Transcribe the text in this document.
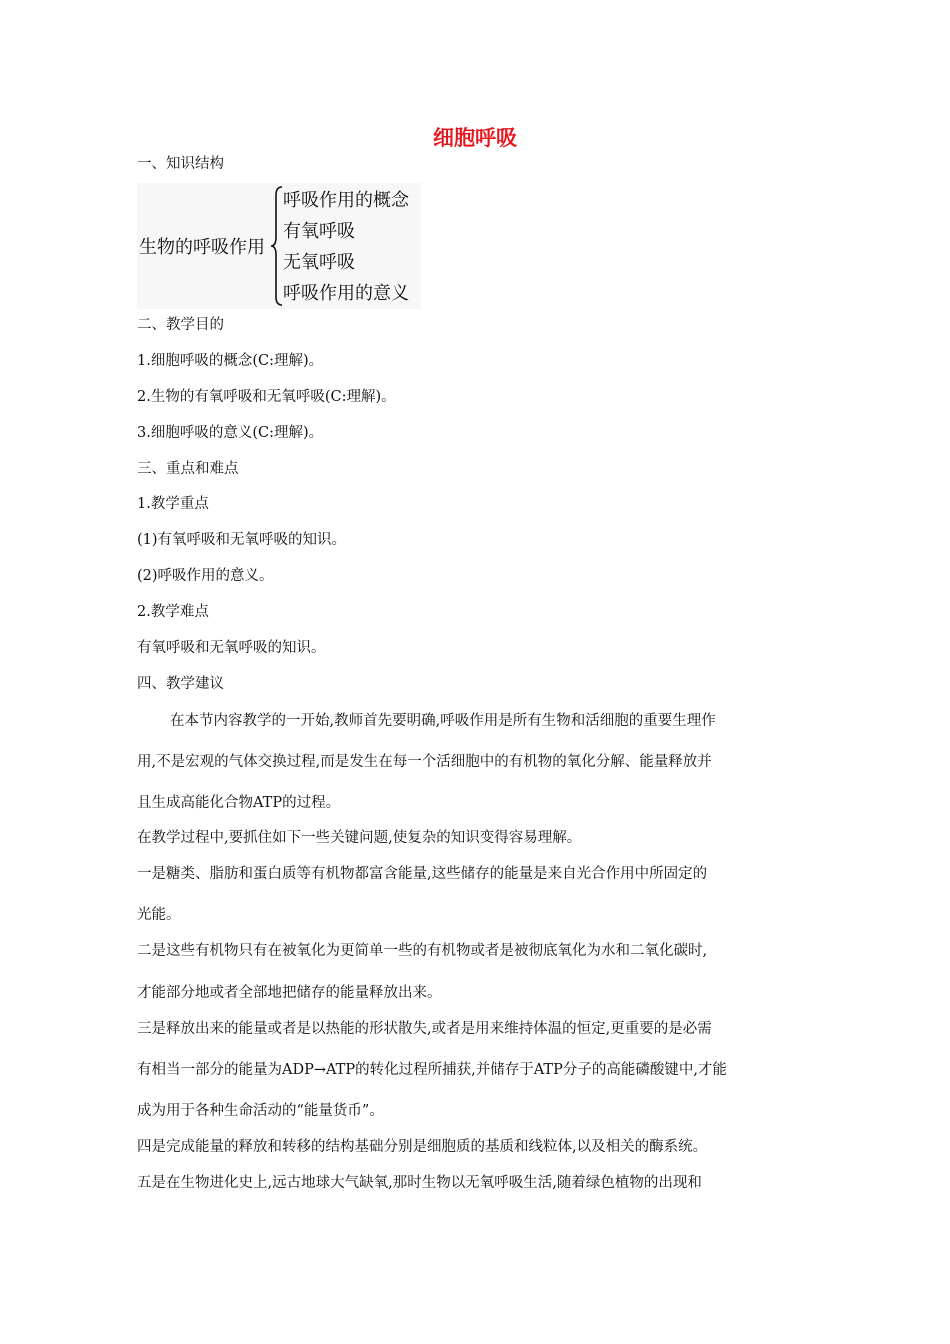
细胞呼吸
一、知识结构
生物的呼吸作用
呼吸作用的概念
有氧呼吸
无氧呼吸
呼吸作用的意义
二、教学目的
1.细胞呼吸的概念(C:理解)。
2.生物的有氧呼吸和无氧呼吸(C:理解)。
3.细胞呼吸的意义(C:理解)。
三、重点和难点
1.教学重点
(1)有氧呼吸和无氧呼吸的知识。
(2)呼吸作用的意义。
2.教学难点
有氧呼吸和无氧呼吸的知识。
四、教学建议
在本节内容教学的一开始,教师首先要明确,呼吸作用是所有生物和活细胞的重要生理作
用,不是宏观的气体交换过程,而是发生在每一个活细胞中的有机物的氧化分解、能量释放并
且生成高能化合物ATP的过程。
在教学过程中,要抓住如下一些关键问题,使复杂的知识变得容易理解。
一是糖类、脂肪和蛋白质等有机物都富含能量,这些储存的能量是来自光合作用中所固定的
光能。
二是这些有机物只有在被氧化为更简单一些的有机物或者是被彻底氧化为水和二氧化碳时,
才能部分地或者全部地把储存的能量释放出来。
三是释放出来的能量或者是以热能的形状散失,或者是用来维持体温的恒定,更重要的是必需
有相当一部分的能量为ADP→ATP的转化过程所捕获,并储存于ATP分子的高能磷酸键中,才能
成为用于各种生命活动的“能量货币”。
四是完成能量的释放和转移的结构基础分别是细胞质的基质和线粒体,以及相关的酶系统。
五是在生物进化史上,远古地球大气缺氧,那时生物以无氧呼吸生活,随着绿色植物的出现和
